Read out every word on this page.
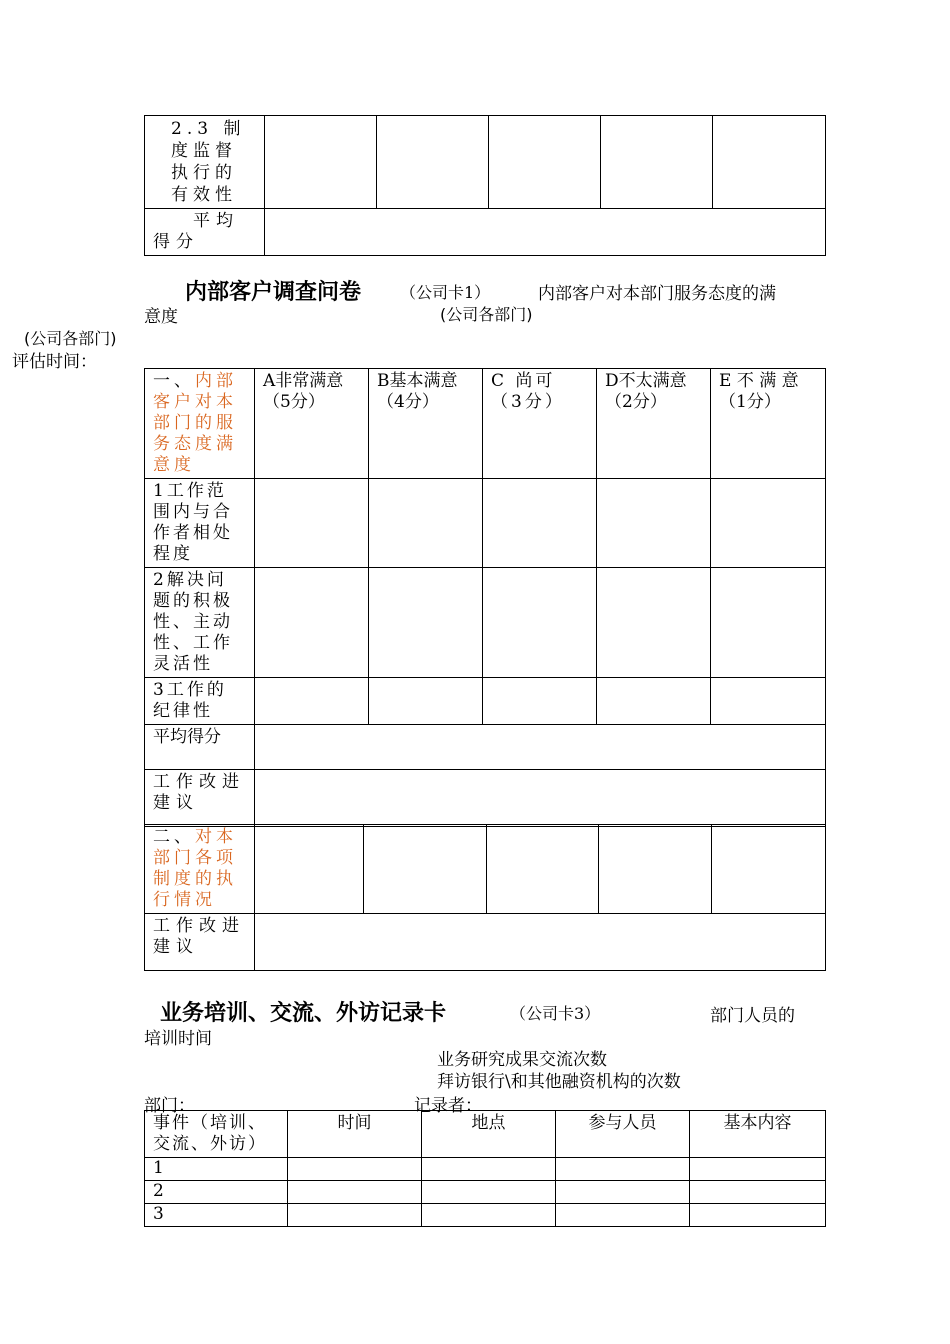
2.3 制度监督执行的有效性					
平均得分					
内部客户调查问卷 （公司卡1）	内部客户对本部门服务态度的满
意度	(公司各部门)
(公司各部门)
评估时间：
一、内部客户对本部门的服务态度满意度	A非常满意（5分）	B基本满意（4分）	C 尚可（3分）	D不太满意（2分）	E 不 满 意（1分）
1工作范围内与合作者相处程度					
2解决问题的积极性、主动性、工作灵活性					
3工作的纪律性					
平均得分					
工作改进建议					
二、对本部门各项制度的执行情况					
工作改进建议					
业务培训、交流、外访记录卡	（公司卡3）	部门人员的
培训时间
业务研究成果交流次数
拜访银行\和其他融资机构的次数
部门：	记录者：
事件（培训、交流、外访）	时间	地点	参与人员	基本内容
1				
2				
3				
